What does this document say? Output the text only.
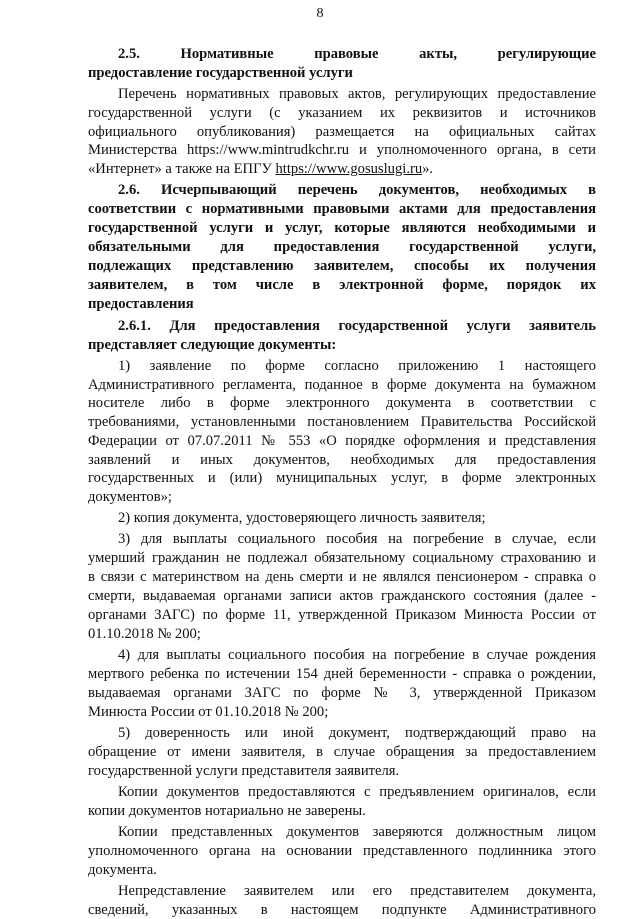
8
2.5. Нормативные правовые акты, регулирующие
предоставление государственной услуги
Перечень нормативных правовых актов, регулирующих предоставление
государственной услуги (с указанием их реквизитов и источников
официального опубликования) размещается на официальных сайтах
Министерства https://www.mintrudkchr.ru и уполномоченного органа, в сети
«Интернет» а также на ЕПГУ https://www.gosuslugi.ru».
2.6. Исчерпывающий перечень документов, необходимых в
соответствии с нормативными правовыми актами для предоставления
государственной услуги и услуг, которые являются необходимыми и
обязательными для предоставления государственной услуги,
подлежащих представлению заявителем, способы их получения
заявителем, в том числе в электронной форме, порядок их
предоставления
2.6.1. Для предоставления государственной услуги заявитель
представляет следующие документы:
1) заявление по форме согласно приложению 1 настоящего
Административного регламента, поданное в форме документа на бумажном
носителе либо в форме электронного документа в соответствии с
требованиями, установленными постановлением Правительства Российской
Федерации от 07.07.2011 № 553 «О порядке оформления и представления
заявлений и иных документов, необходимых для предоставления
государственных и (или) муниципальных услуг, в форме электронных
документов»;
2) копия документа, удостоверяющего личность заявителя;
3) для выплаты социального пособия на погребение в случае, если
умерший гражданин не подлежал обязательному социальному страхованию и
в связи с материнством на день смерти и не являлся пенсионером - справка о
смерти, выдаваемая органами записи актов гражданского состояния (далее -
органами ЗАГС) по форме 11, утвержденной Приказом Минюста России от
01.10.2018 № 200;
4) для выплаты социального пособия на погребение в случае рождения
мертвого ребенка по истечении 154 дней беременности - справка о рождении,
выдаваемая органами ЗАГС по форме № 3, утвержденной Приказом
Минюста России от 01.10.2018 № 200;
5) доверенность или иной документ, подтверждающий право на
обращение от имени заявителя, в случае обращения за предоставлением
государственной услуги представителя заявителя.
Копии документов предоставляются с предъявлением оригиналов, если
копии документов нотариально не заверены.
Копии представленных документов заверяются должностным лицом
уполномоченного органа на основании представленного подлинника этого
документа.
Непредставление заявителем или его представителем документа,
сведений, указанных в настоящем подпункте Административного
